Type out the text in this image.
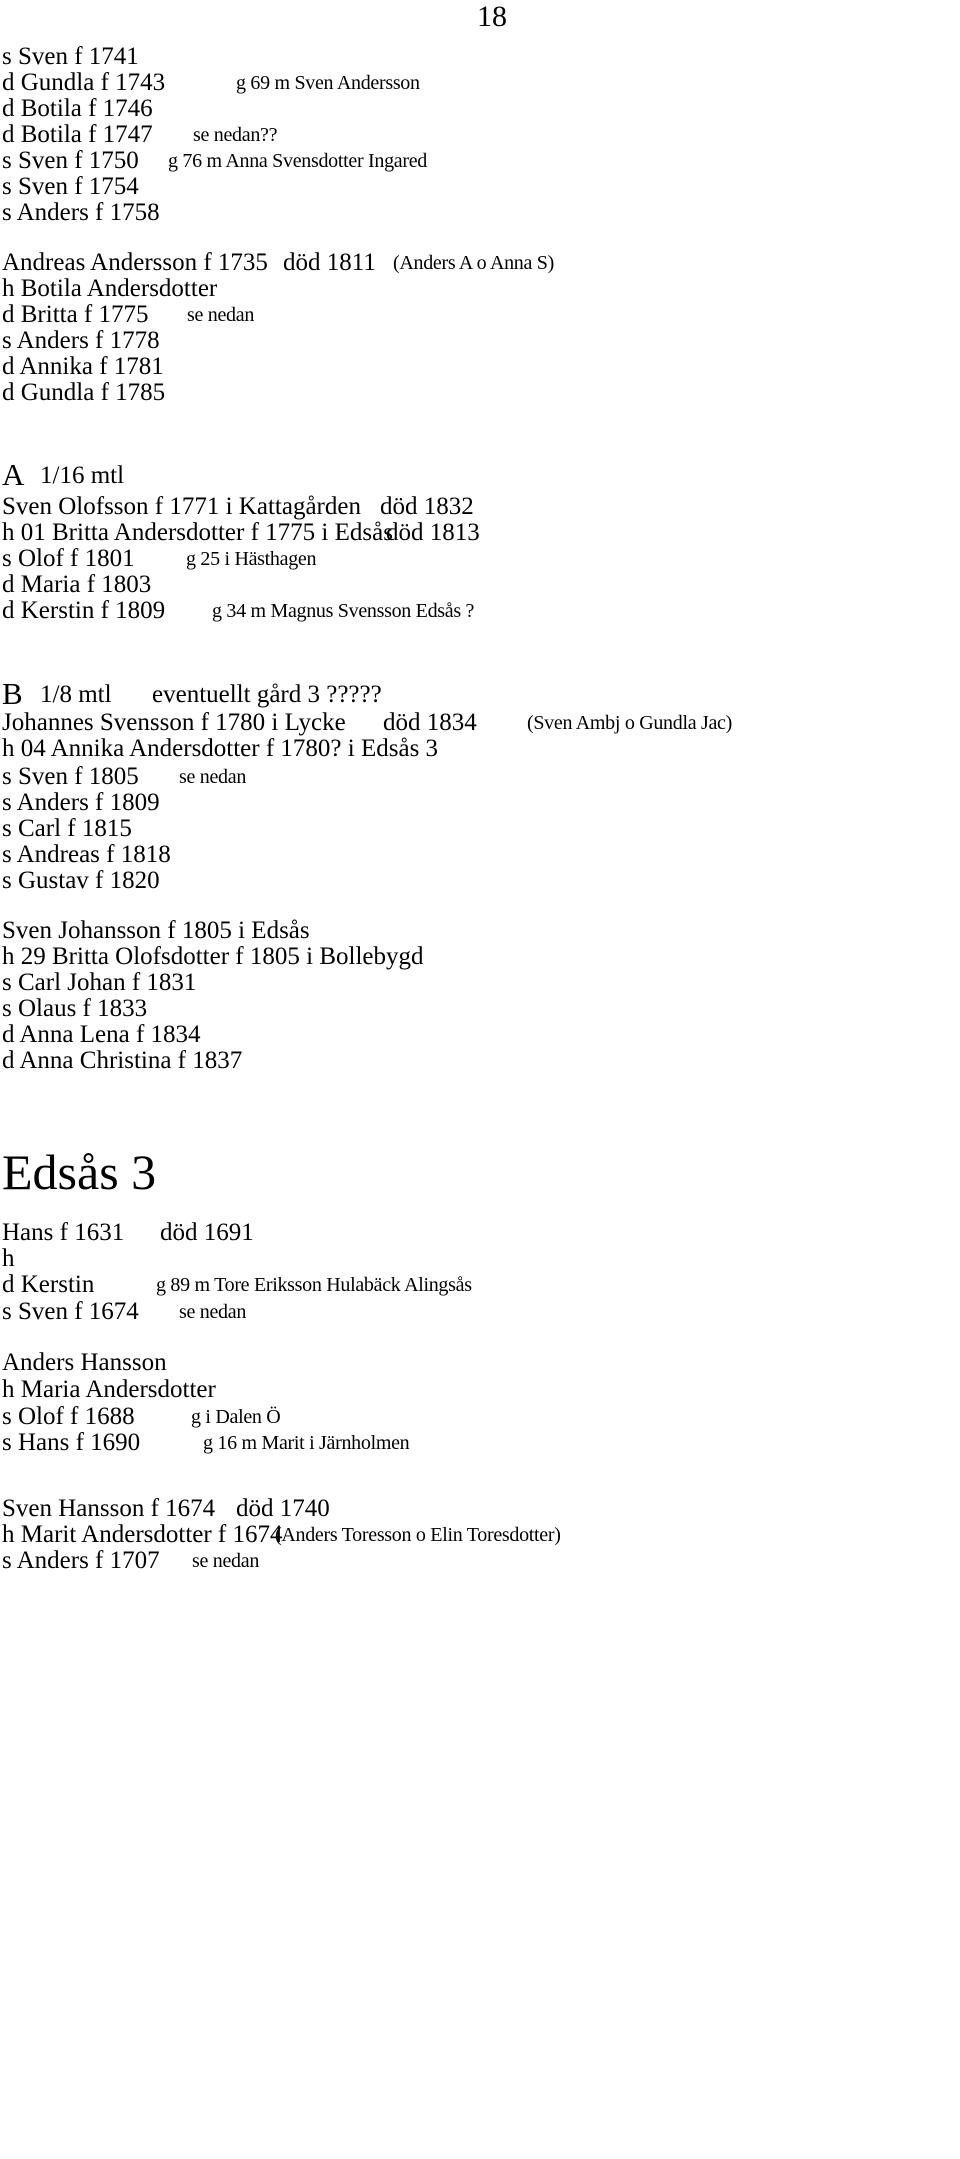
18
s Sven f 1741
d Gundla f 1743	g 69 m Sven Andersson
d Botila f 1746
d Botila f 1747 se nedan??
s Sven f 1750 g 76 m Anna Svensdotter Ingared
s Sven f 1754
s Anders f 1758
Andreas Andersson f 1735 död 1811 (Anders A o Anna S)
h Botila Andersdotter
d Britta f 1775 se nedan
s Anders f 1778
d Annika f 1781
d Gundla f 1785
A 1/16 mtl
Sven Olofsson f 1771 i Kattagården död 1832
h 01 Britta Andersdotter f 1775 i Edsås
död 1813
s Olof f 1801	g 25 i Hästhagen
d Maria f 1803
d Kerstin f 1809 g 34 m Magnus Svensson Edsås ?
B 1/8 mtl eventuellt gård 3 ?????
Johannes Svensson f 1780 i Lycke död 1834	(Sven Ambj o Gundla Jac)
h 04 Annika Andersdotter f 1780? i Edsås 3
s Sven f 1805 se nedan
s Anders f 1809
s Carl f 1815
s Andreas f 1818
s Gustav f 1820
Sven Johansson f 1805 i Edsås
h 29 Britta Olofsdotter f 1805 i Bollebygd
s Carl Johan f 1831
s Olaus f 1833
d Anna Lena f 1834
d Anna Christina f 1837
Edsås 3
Hans f 1631 död 1691
h
d Kerstin	g 89 m Tore Eriksson Hulabäck Alingsås
s Sven f 1674 se nedan
Anders Hansson
h Maria Andersdotter
s Olof f 1688	g i Dalen Ö
s Hans f 1690	g 16 m Marit i Järnholmen
Sven Hansson f 1674 död 1740
h Marit Andersdotter f 1674
(Anders Toresson o Elin Toresdotter)
s Anders f 1707 se nedan
